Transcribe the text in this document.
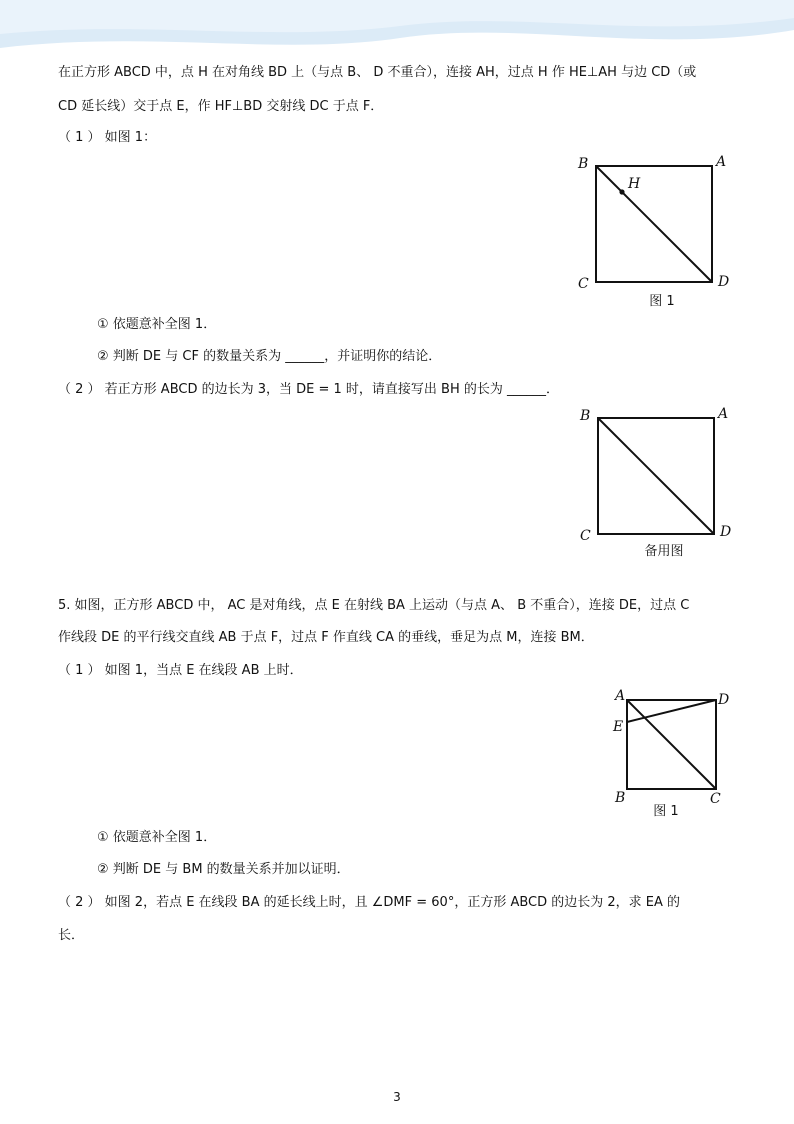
在正方形 ABCD 中，点 H 在对角线 BD 上（与点 B、 D 不重合），连接 AH，过点 H 作 HE⊥AH 与边 CD（或
CD 延长线）交于点 E，作 HF⊥BD 交射线 DC 于点 F．
（ 1 ） 如图 1：
B	A
C	D
H
图 1
① 依题意补全图 1．
② 判断 DE 与 CF 的数量关系为 ______，并证明你的结论．
（ 2 ） 若正方形 ABCD 的边长为 3，当 DE = 1 时，请直接写出 BH 的长为 ______．
B	A
C	D
备用图
5. 如图，正方形 ABCD 中， AC 是对角线，点 E 在射线 BA 上运动（与点 A、 B 不重合），连接 DE，过点 C
作线段 DE 的平行线交直线 AB 于点 F，过点 F 作直线 CA 的垂线，垂足为点 M，连接 BM．
（ 1 ） 如图 1，当点 E 在线段 AB 上时．
A	D
E
B	C
图 1
① 依题意补全图 1．
② 判断 DE 与 BM 的数量关系并加以证明．
（ 2 ） 如图 2，若点 E 在线段 BA 的延长线上时，且 ∠DMF = 60°，正方形 ABCD 的边长为 2，求 EA 的
长．
3
